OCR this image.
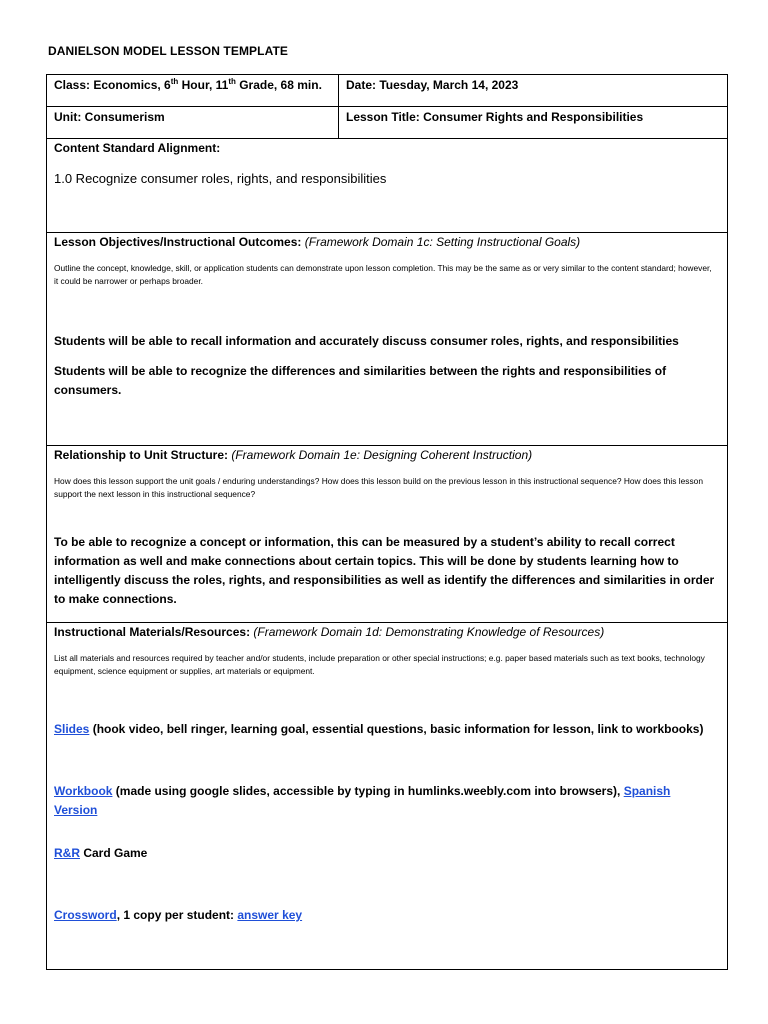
DANIELSON MODEL LESSON TEMPLATE
Class: Economics, 6th Hour, 11th Grade, 68 min.	Date: Tuesday, March 14, 2023
Unit: Consumerism	Lesson Title: Consumer Rights and Responsibilities
Content Standard Alignment:
1.0 Recognize consumer roles, rights, and responsibilities
Lesson Objectives/Instructional Outcomes: (Framework Domain 1c: Setting Instructional Goals)
Outline the concept, knowledge, skill, or application students can demonstrate upon lesson completion. This may be the same as or very similar to the content standard; however, it could be narrower or perhaps broader.
Students will be able to recall information and accurately discuss consumer roles, rights, and responsibilities
Students will be able to recognize the differences and similarities between the rights and responsibilities of consumers.
Relationship to Unit Structure: (Framework Domain 1e: Designing Coherent Instruction)
How does this lesson support the unit goals / enduring understandings? How does this lesson build on the previous lesson in this instructional sequence? How does this lesson support the next lesson in this instructional sequence?
To be able to recognize a concept or information, this can be measured by a student’s ability to recall correct information as well and make connections about certain topics. This will be done by students learning how to intelligently discuss the roles, rights, and responsibilities as well as identify the differences and similarities in order to make connections.
Instructional Materials/Resources: (Framework Domain 1d: Demonstrating Knowledge of Resources)
List all materials and resources required by teacher and/or students, include preparation or other special instructions; e.g. paper based materials such as text books, technology equipment, science equipment or supplies, art materials or equipment.
Slides (hook video, bell ringer, learning goal, essential questions, basic information for lesson, link to workbooks)
Workbook (made using google slides, accessible by typing in humlinks.weebly.com into browsers), Spanish Version
R&R Card Game
Crossword, 1 copy per student: answer key
